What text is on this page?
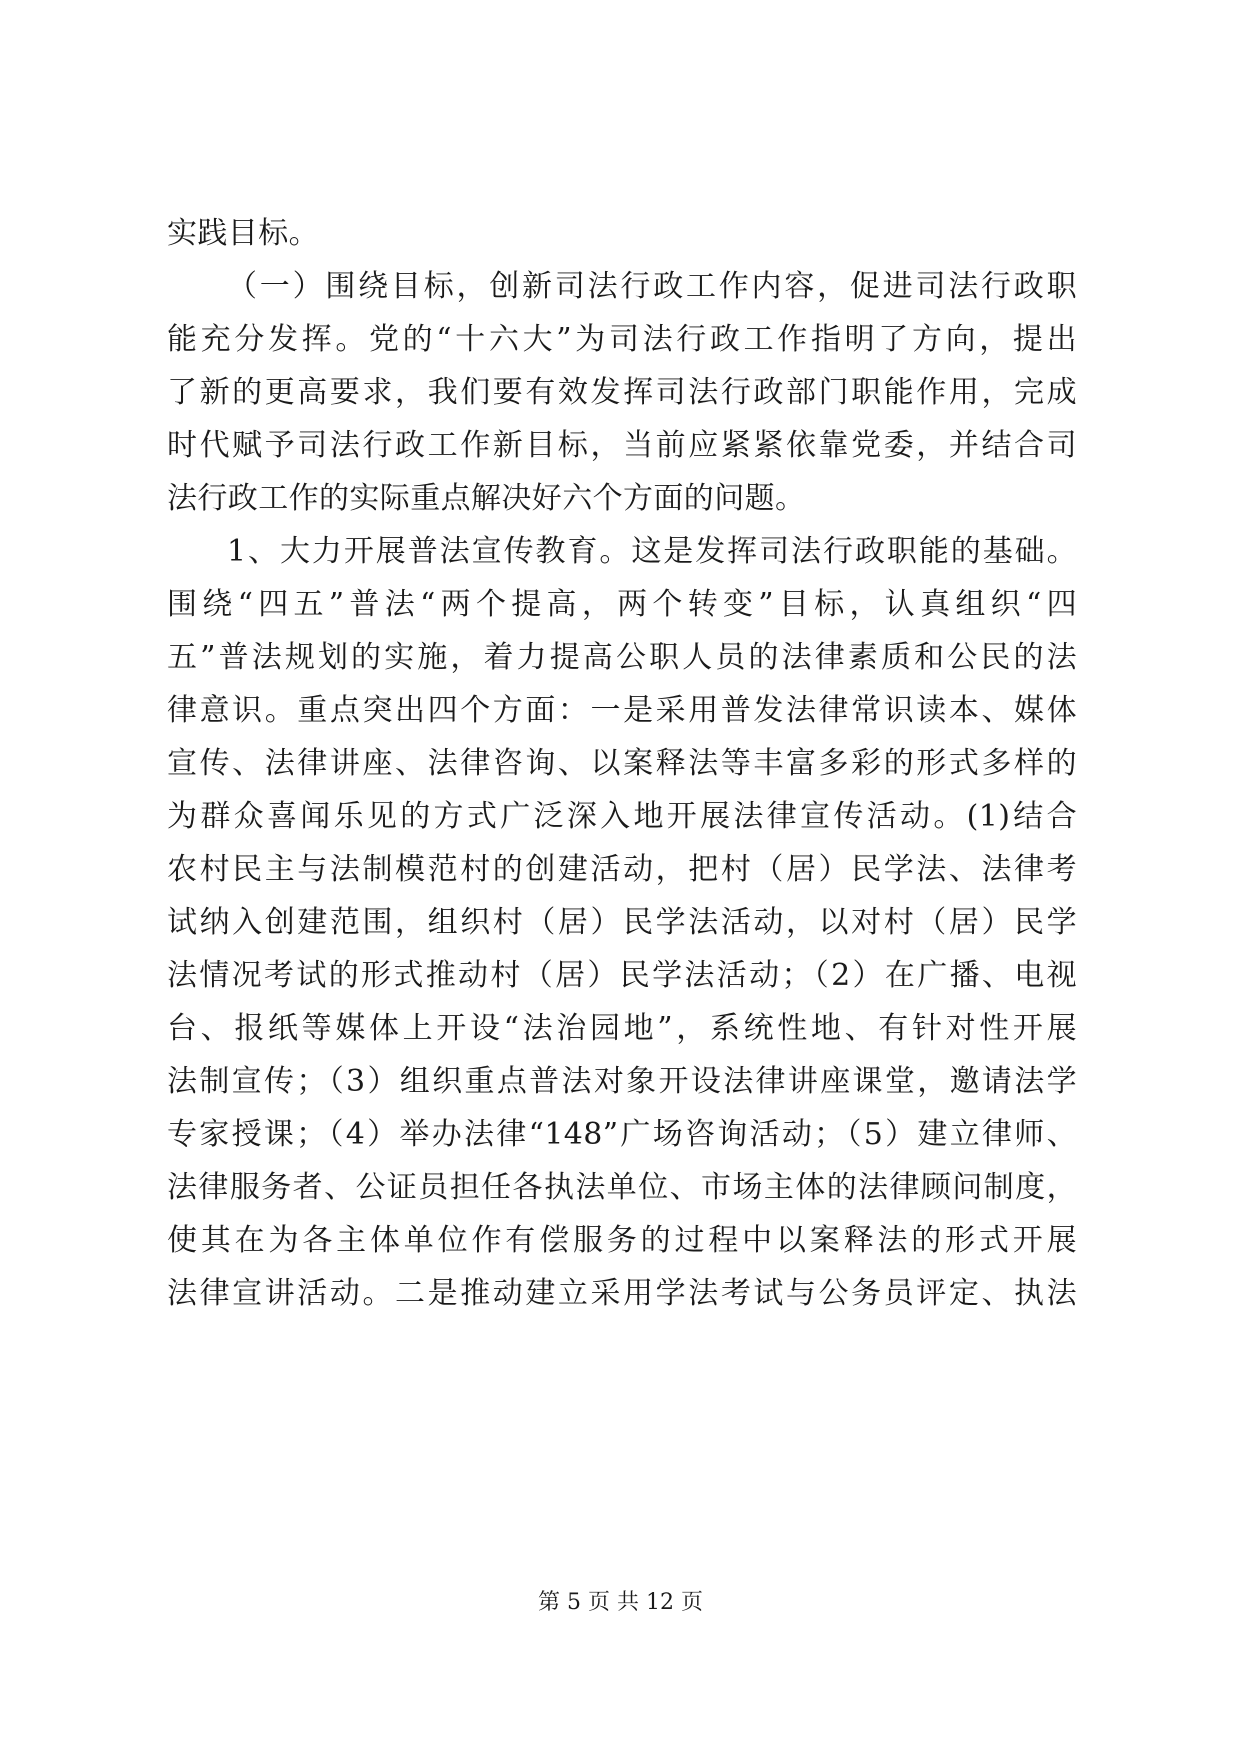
实践目标。
（一）围绕目标，创新司法行政工作内容，促进司法行政职
能充分发挥。党的“十六大”为司法行政工作指明了方向，提出
了新的更高要求，我们要有效发挥司法行政部门职能作用，完成
时代赋予司法行政工作新目标，当前应紧紧依靠党委，并结合司
法行政工作的实际重点解决好六个方面的问题。
1、大力开展普法宣传教育。这是发挥司法行政职能的基础。
围绕“四五”普法“两个提高，两个转变”目标，认真组织“四
五”普法规划的实施，着力提高公职人员的法律素质和公民的法
律意识。重点突出四个方面：一是采用普发法律常识读本、媒体
宣传、法律讲座、法律咨询、以案释法等丰富多彩的形式多样的
为群众喜闻乐见的方式广泛深入地开展法律宣传活动。(1)结合
农村民主与法制模范村的创建活动，把村（居）民学法、法律考
试纳入创建范围，组织村（居）民学法活动，以对村（居）民学
法情况考试的形式推动村（居）民学法活动；（2）在广播、电视
台、报纸等媒体上开设“法治园地”，系统性地、有针对性开展
法制宣传；（3）组织重点普法对象开设法律讲座课堂，邀请法学
专家授课；（4）举办法律“148”广场咨询活动；（5）建立律师、
法律服务者、公证员担任各执法单位、市场主体的法律顾问制度，
使其在为各主体单位作有偿服务的过程中以案释法的形式开展
法律宣讲活动。二是推动建立采用学法考试与公务员评定、执法
第 5 页 共 12 页
